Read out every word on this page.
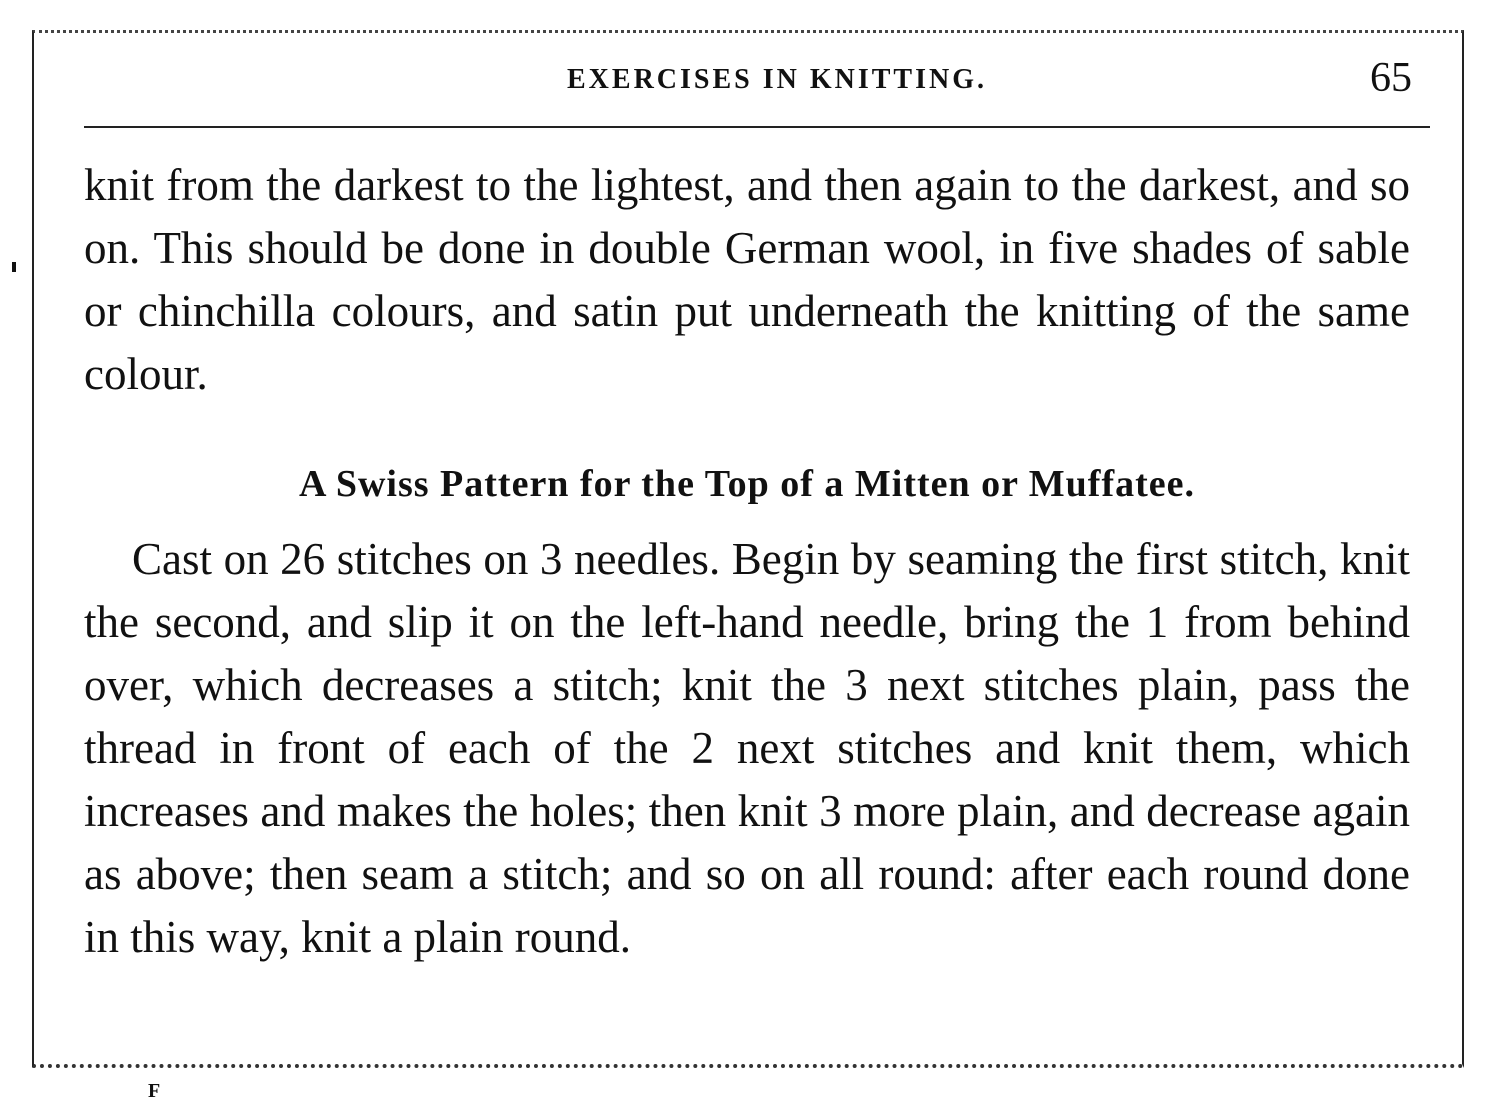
EXERCISES IN KNITTING.	65
knit from the darkest to the lightest, and then again to the darkest, and so on. This should be done in double German wool, in five shades of sable or chinchilla colours, and satin put underneath the knitting of the same colour.
A Swiss Pattern for the Top of a Mitten or Muffatee.
Cast on 26 stitches on 3 needles. Begin by seaming the first stitch, knit the second, and slip it on the left-hand needle, bring the 1 from behind over, which decreases a stitch; knit the 3 next stitches plain, pass the thread in front of each of the 2 next stitches and knit them, which increases and makes the holes; then knit 3 more plain, and decrease again as above; then seam a stitch; and so on all round: after each round done in this way, knit a plain round.
F
